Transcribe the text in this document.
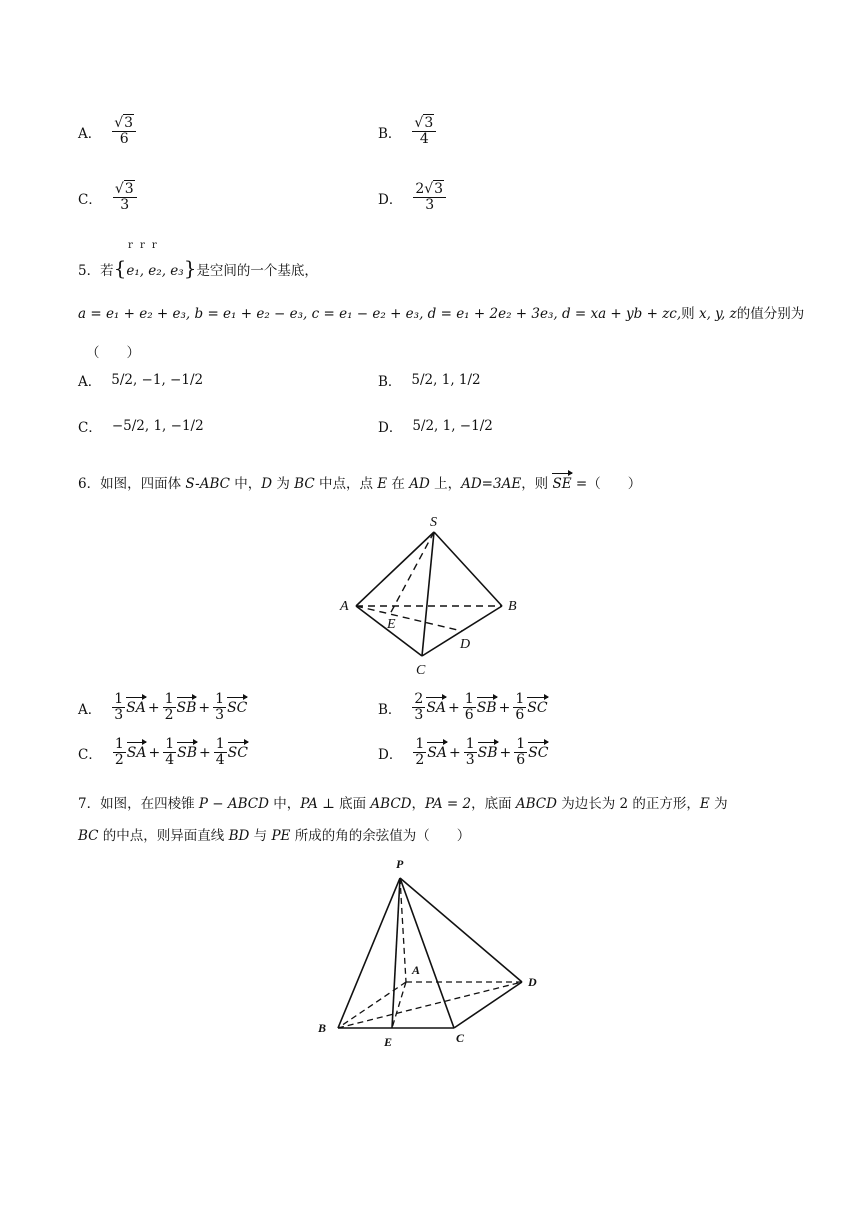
A． $\frac{√3}{6}$	B． $\frac{√3}{4}$
C． $\frac{√3}{3}$	D． $\frac{2√3}{3}$
r r r
5．若{e₁, e₂, e₃}是空间的一个基底，
a = e₁ + e₂ + e₃, b = e₁ + e₂ − e₃, c = e₁ − e₂ + e₃, d = e₁ + 2e₂ + 3e₃, d = xa + yb + zc,则 x, y, z的值分别为
（　　）
A． 5/2, −1, −1/2	B． 5/2, 1, 1/2
C． −5/2, 1, −1/2	D． 5/2, 1, −1/2
6．如图，四面体 S-ABC 中，D 为 BC 中点，点 E 在 AD 上，AD=3AE，则 SE =（　　）
S
A	B
C
D
E
A． $\frac{1}{3}$ SA + $\frac{1}{2}$ SB + $\frac{1}{3}$ SC	B． $\frac{2}{3}$ SA + $\frac{1}{6}$ SB + $\frac{1}{6}$ SC
C． $\frac{1}{2}$ SA + $\frac{1}{4}$ SB + $\frac{1}{4}$ SC	D． $\frac{1}{2}$ SA + $\frac{1}{3}$ SB + $\frac{1}{6}$ SC
7．如图，在四棱锥 P − ABCD 中，PA ⊥ 底面 ABCD，PA = 2，底面 ABCD 为边长为 2 的正方形，E 为
BC 的中点，则异面直线 BD 与 PE 所成的角的余弦值为（　　）
P
A
B
C
D
E
